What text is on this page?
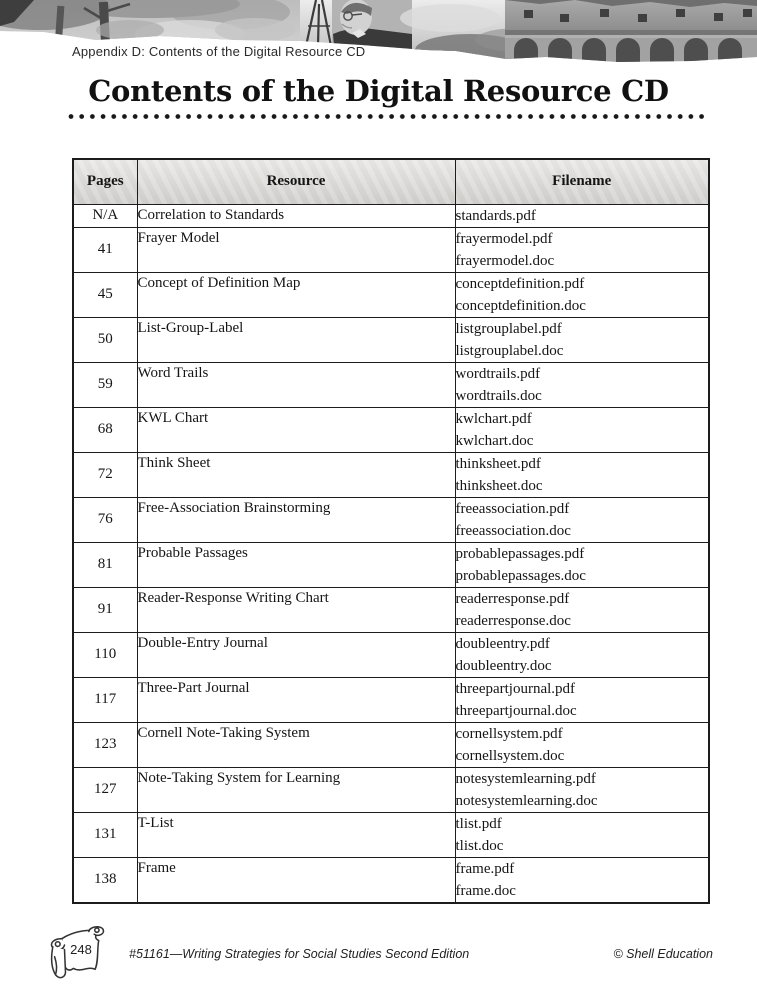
Appendix D: Contents of the Digital Resource CD
Contents of the Digital Resource CD
Pages	Resource	Filename
N/A	Correlation to Standards	standards.pdf

41	Frayer Model	frayermodel.pdf
frayermodel.doc

45	Concept of Definition Map	conceptdefinition.pdf
conceptdefinition.doc

50	List-Group-Label	listgrouplabel.pdf
listgrouplabel.doc

59	Word Trails	wordtrails.pdf
wordtrails.doc

68	KWL Chart	kwlchart.pdf
kwlchart.doc

72	Think Sheet	thinksheet.pdf
thinksheet.doc

76	Free-Association Brainstorming	freeassociation.pdf
freeassociation.doc

81	Probable Passages	probablepassages.pdf
probablepassages.doc

91	Reader-Response Writing Chart	readerresponse.pdf
readerresponse.doc

110	Double-Entry Journal	doubleentry.pdf
doubleentry.doc

117	Three-Part Journal	threepartjournal.pdf
threepartjournal.doc

123	Cornell Note-Taking System	cornellsystem.pdf
cornellsystem.doc

127	Note-Taking System for Learning	notesystemlearning.pdf
notesystemlearning.doc

131	T-List	tlist.pdf
tlist.doc

138	Frame	frame.pdf
frame.doc
248	#51161—Writing Strategies for Social Studies Second Edition	© Shell Education
